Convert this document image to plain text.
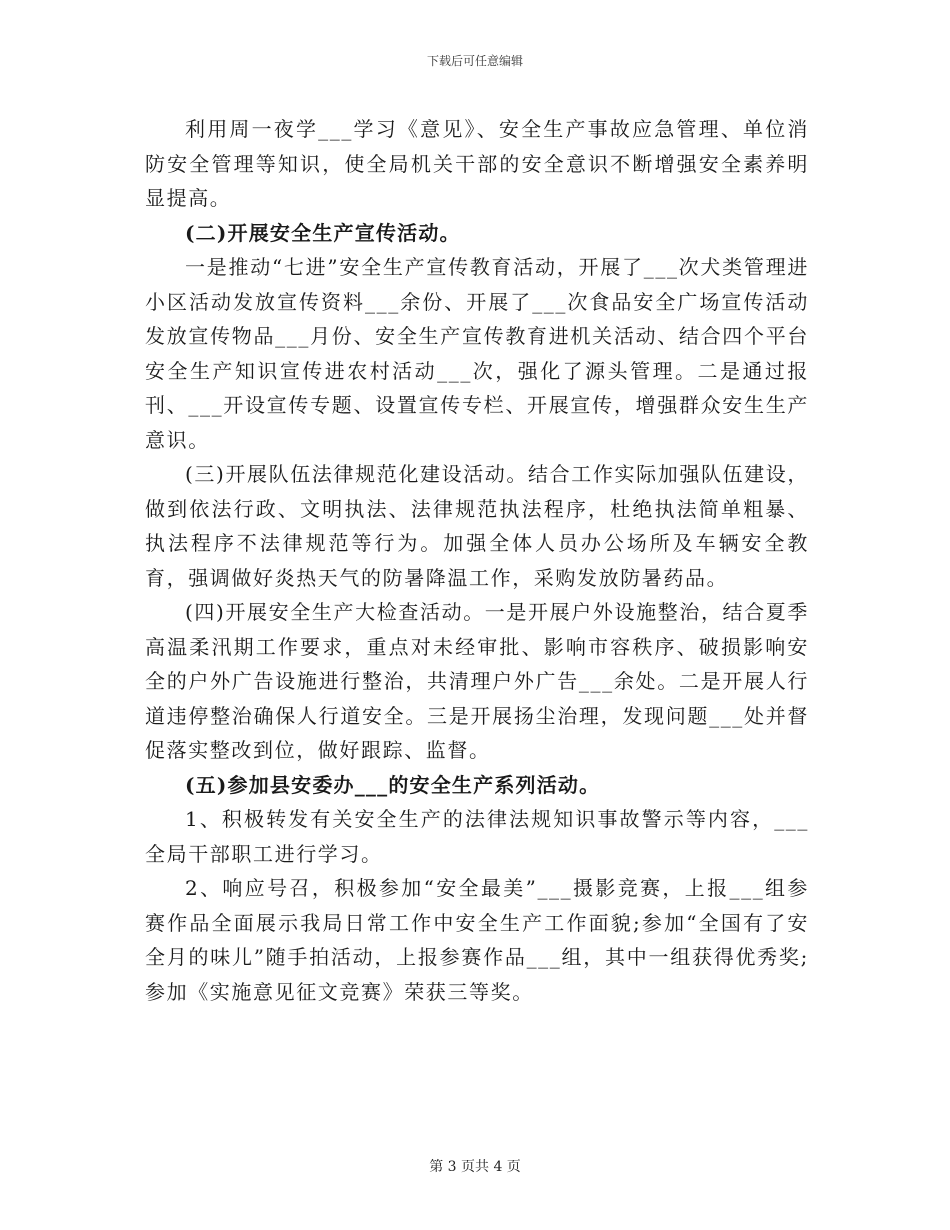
下载后可任意编辑

利用周一夜学___学习《意见》、安全生产事故应急管理、单位消防安全管理等知识，使全局机关干部的安全意识不断增强安全素养明显提高。

(二)开展安全生产宣传活动。

一是推动“七进”安全生产宣传教育活动，开展了___次犬类管理进小区活动发放宣传资料___余份、开展了___次食品安全广场宣传活动发放宣传物品___月份、安全生产宣传教育进机关活动、结合四个平台安全生产知识宣传进农村活动___次，强化了源头管理。二是通过报刊、___开设宣传专题、设置宣传专栏、开展宣传，增强群众安生生产意识。

(三)开展队伍法律规范化建设活动。结合工作实际加强队伍建设，做到依法行政、文明执法、法律规范执法程序，杜绝执法简单粗暴、执法程序不法律规范等行为。加强全体人员办公场所及车辆安全教育，强调做好炎热天气的防暑降温工作，采购发放防暑药品。

(四)开展安全生产大检查活动。一是开展户外设施整治，结合夏季高温柔汛期工作要求，重点对未经审批、影响市容秩序、破损影响安全的户外广告设施进行整治，共清理户外广告___余处。二是开展人行道违停整治确保人行道安全。三是开展扬尘治理，发现问题___处并督促落实整改到位，做好跟踪、监督。

(五)参加县安委办___的安全生产系列活动。

1、积极转发有关安全生产的法律法规知识事故警示等内容，___全局干部职工进行学习。

2、响应号召，积极参加“安全最美”___摄影竞赛，上报___组参赛作品全面展示我局日常工作中安全生产工作面貌;参加“全国有了安全月的味儿”随手拍活动，上报参赛作品___组，其中一组获得优秀奖;参加《实施意见征文竞赛》荣获三等奖。

第 3 页共 4 页
